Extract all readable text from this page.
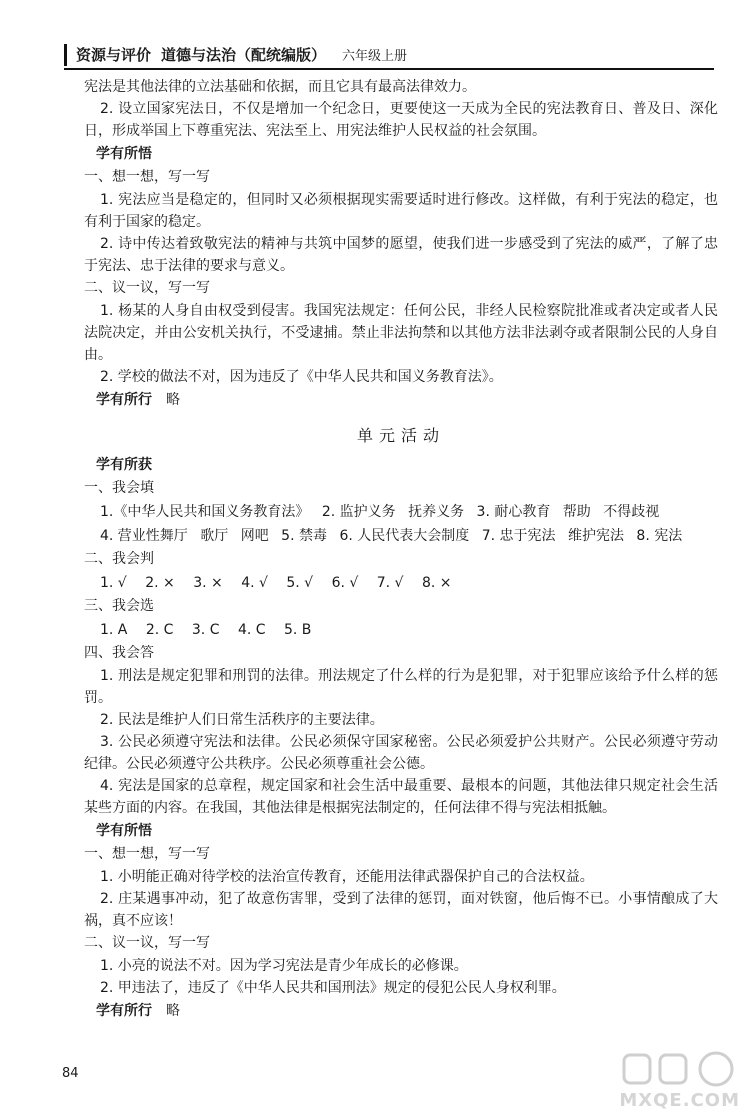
资源与评价 道德与法治（配统编版） 六年级上册

宪法是其他法律的立法基础和依据，而且它具有最高法律效力。

2. 设立国家宪法日，不仅是增加一个纪念日，更要使这一天成为全民的宪法教育日、普及日、深化日，形成举国上下尊重宪法、宪法至上、用宪法维护人民权益的社会氛围。

学有所悟

一、想一想，写一写

1. 宪法应当是稳定的，但同时又必须根据现实需要适时进行修改。这样做，有利于宪法的稳定，也有利于国家的稳定。

2. 诗中传达着致敬宪法的精神与共筑中国梦的愿望，使我们进一步感受到了宪法的威严，了解了忠于宪法、忠于法律的要求与意义。

二、议一议，写一写

1. 杨某的人身自由权受到侵害。我国宪法规定：任何公民，非经人民检察院批准或者决定或者人民法院决定，并由公安机关执行，不受逮捕。禁止非法拘禁和以其他方法非法剥夺或者限制公民的人身自由。

2. 学校的做法不对，因为违反了《中华人民共和国义务教育法》。

学有所行 略
单元活动
学有所获

一、我会填

1.《中华人民共和国义务教育法》 2. 监护义务 抚养义务 3. 耐心教育 帮助 不得歧视
4. 营业性舞厅 歌厅 网吧 5. 禁毒 6. 人民代表大会制度 7. 忠于宪法 维护宪法 8. 宪法

二、我会判

1. √ 2. × 3. × 4. √ 5. √ 6. √ 7. √ 8. ×

三、我会选

1. A 2. C 3. C 4. C 5. B

四、我会答

1. 刑法是规定犯罪和刑罚的法律。刑法规定了什么样的行为是犯罪，对于犯罪应该给予什么样的惩罚。

2. 民法是维护人们日常生活秩序的主要法律。

3. 公民必须遵守宪法和法律。公民必须保守国家秘密。公民必须爱护公共财产。公民必须遵守劳动纪律。公民必须遵守公共秩序。公民必须尊重社会公德。

4. 宪法是国家的总章程，规定国家和社会生活中最重要、最根本的问题，其他法律只规定社会生活某些方面的内容。在我国，其他法律是根据宪法制定的，任何法律不得与宪法相抵触。

学有所悟

一、想一想，写一写

1. 小明能正确对待学校的法治宣传教育，还能用法律武器保护自己的合法权益。

2. 庄某遇事冲动，犯了故意伤害罪，受到了法律的惩罚，面对铁窗，他后悔不已。小事情酿成了大祸，真不应该！

二、议一议，写一写

1. 小亮的说法不对。因为学习宪法是青少年成长的必修课。

2. 甲违法了，违反了《中华人民共和国刑法》规定的侵犯公民人身权利罪。

学有所行 略
84
MXQE.COM
